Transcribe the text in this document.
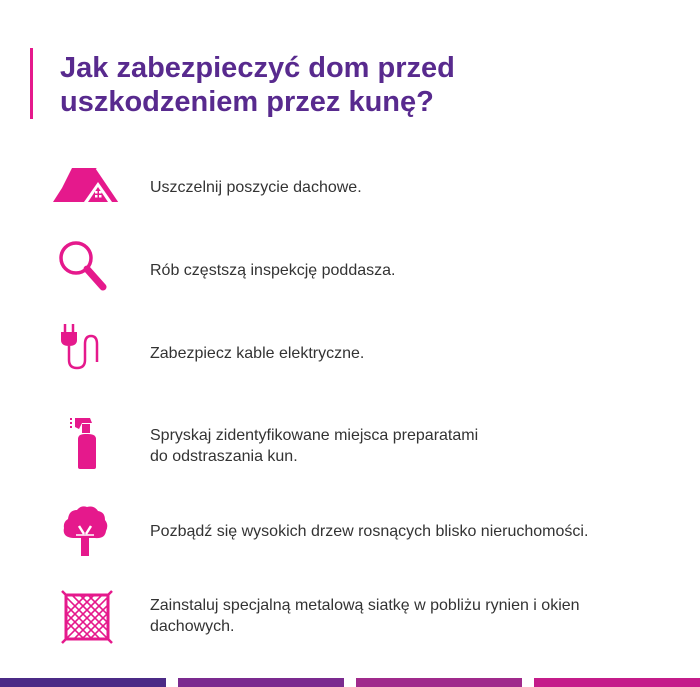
Jak zabezpieczyć dom przed
uszkodzeniem przez kunę?
Uszczelnij poszycie dachowe.
Rób częstszą inspekcję poddasza.
Zabezpiecz kable elektryczne.
Spryskaj zidentyfikowane miejsca preparatami
do odstraszania kun.
Pozbądź się wysokich drzew rosnących blisko nieruchomości.
Zainstaluj specjalną metalową siatkę w pobliżu rynien i okien
dachowych.
